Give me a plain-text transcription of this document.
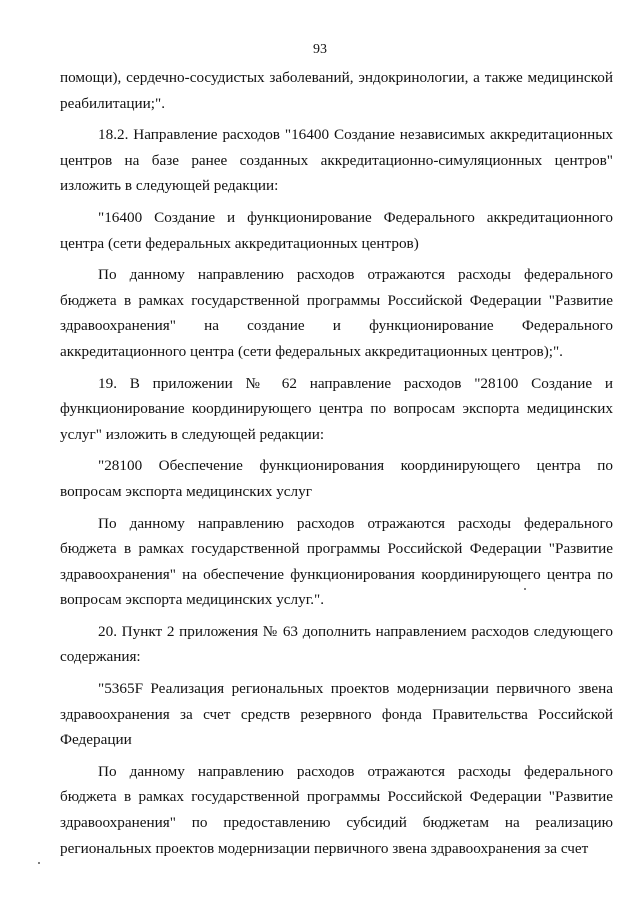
93

помощи), сердечно-сосудистых заболеваний, эндокринологии, а также медицинской реабилитации;".

18.2. Направление расходов "16400 Создание независимых аккредитационных центров на базе ранее созданных аккредитационно-симуляционных центров" изложить в следующей редакции:

"16400 Создание и функционирование Федерального аккредитационного центра (сети федеральных аккредитационных центров)

По данному направлению расходов отражаются расходы федерального бюджета в рамках государственной программы Российской Федерации "Развитие здравоохранения" на создание и функционирование Федерального аккредитационного центра (сети федеральных аккредитационных центров);".

19. В приложении № 62 направление расходов "28100 Создание и функционирование координирующего центра по вопросам экспорта медицинских услуг" изложить в следующей редакции:

"28100 Обеспечение функционирования координирующего центра по вопросам экспорта медицинских услуг

По данному направлению расходов отражаются расходы федерального бюджета в рамках государственной программы Российской Федерации "Развитие здравоохранения" на обеспечение функционирования координирующего центра по вопросам экспорта медицинских услуг.".

20. Пункт 2 приложения № 63 дополнить направлением расходов следующего содержания:

"5365F Реализация региональных проектов модернизации первичного звена здравоохранения за счет средств резервного фонда Правительства Российской Федерации

По данному направлению расходов отражаются расходы федерального бюджета в рамках государственной программы Российской Федерации "Развитие здравоохранения" по предоставлению субсидий бюджетам на реализацию региональных проектов модернизации первичного звена здравоохранения за счет
